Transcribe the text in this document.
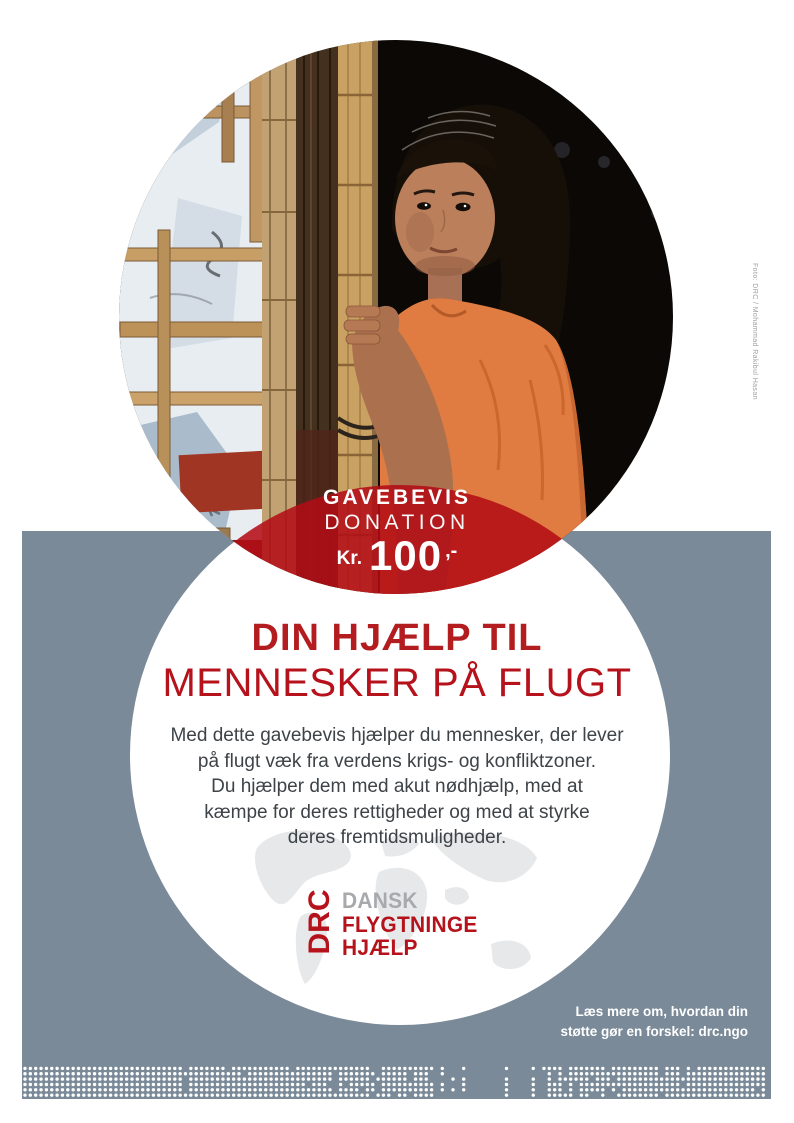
DIN HJÆLP TIL
MENNESKER PÅ FLUGT
Med dette gavebevis hjælper du mennesker, der lever
på flugt væk fra verdens krigs- og konfliktzoner.
Du hjælper dem med akut nødhjælp, med at
kæmpe for deres rettigheder og med at styrke
deres fremtidsmuligheder.
DRC DANSK
FLYGTNINGE
HJÆLP
Læs mere om, hvordan din
støtte gør en forskel: drc.ngo
GAVEBEVIS
DONATION
Kr. 100 ,-
Foto: DRC / Mohammad Rakibul Hasan
